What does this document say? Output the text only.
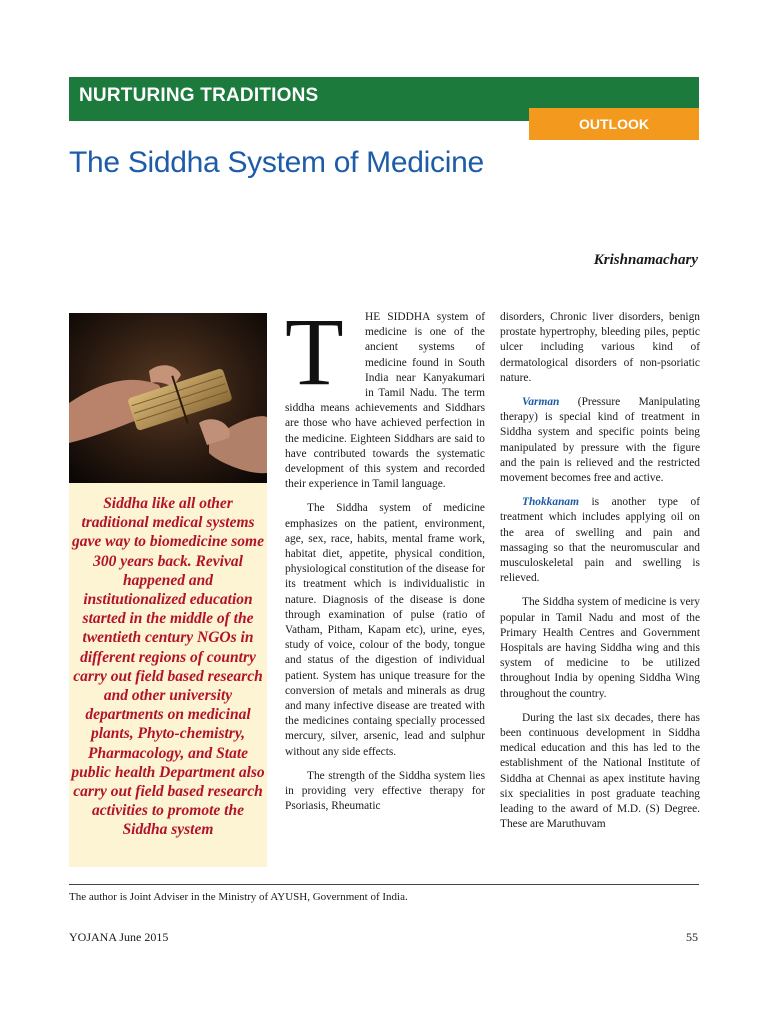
NURTURING TRADITIONS
OUTLOOK
The Siddha System of Medicine
Krishnamachary
Siddha like all other traditional medical systems gave way to biomedicine some 300 years back. Revival happened and institutionalized education started in the middle of the twentieth century NGOs in different regions of country carry out field based research and other university departments on medicinal plants, Phyto-chemistry, Pharmacology, and State public health Department also carry out field based research activities to promote the Siddha system
T	HE SIDDHA system of medicine is one of the ancient systems of medicine found in South India near Kanyakumari in Tamil Nadu. The term siddha means achievements and Siddhars are those who have achieved perfection in the medicine. Eighteen Siddhars are said to have contributed towards the systematic development of this system and recorded their experience in Tamil language.

The Siddha system of medicine emphasizes on the patient, environment, age, sex, race, habits, mental frame work, habitat diet, appetite, physical condition, physiological constitution of the disease for its treatment which is individualistic in nature. Diagnosis of the disease is done through examination of pulse (ratio of Vatham, Pitham, Kapam etc), urine, eyes, study of voice, colour of the body, tongue and status of the digestion of individual patient. System has unique treasure for the conversion of metals and minerals as drug and many infective disease are treated with the medicines containg specially processed mercury, silver, arsenic, lead and sulphur without any side effects.

The strength of the Siddha system lies in providing very effective therapy for Psoriasis, Rheumatic

disorders, Chronic liver disorders, benign prostate hypertrophy, bleeding piles, peptic ulcer including various kind of dermatological disorders of non-psoriatic nature.

Varman (Pressure Manipulating therapy) is special kind of treatment in Siddha system and specific points being manipulated by pressure with the figure and the pain is relieved and the restricted movement becomes free and active.

Thokkanam is another type of treatment which includes applying oil on the area of swelling and pain and massaging so that the neuromuscular and musculoskeletal pain and swelling is relieved.

The Siddha system of medicine is very popular in Tamil Nadu and most of the Primary Health Centres and Government Hospitals are having Siddha wing and this system of medicine to be utilized throughout India by opening Siddha Wing throughout the country.

During the last six decades, there has been continuous development in Siddha medical education and this has led to the establishment of the National Institute of Siddha at Chennai as apex institute having six specialities in post graduate teaching leading to the award of M.D. (S) Degree. These are Maruthuvam

The author is Joint Adviser in the Ministry of AYUSH, Government of India.
YOJANA June 2015	55
